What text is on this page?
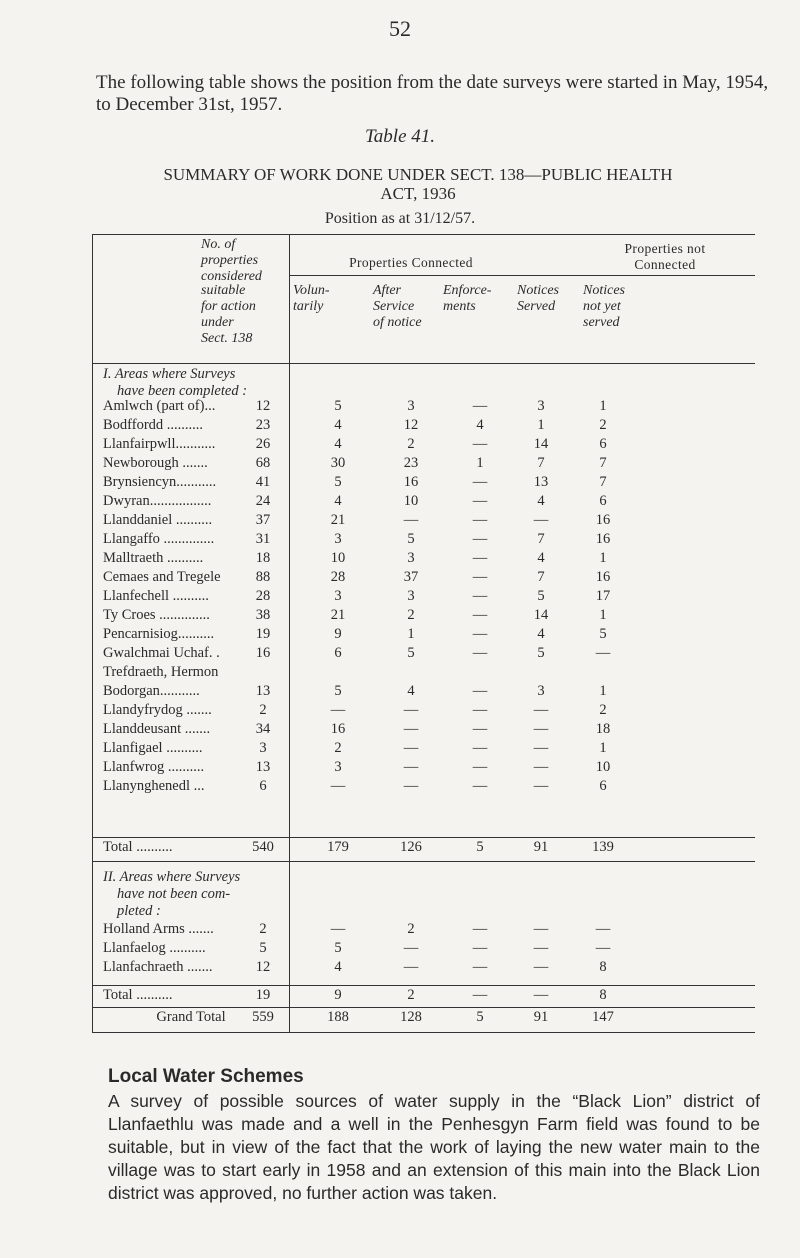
52
The following table shows the position from the date surveys were started in May, 1954, to December 31st, 1957.
Table 41.
SUMMARY OF WORK DONE UNDER SECT. 138—PUBLIC HEALTH
ACT, 1936
Position as at 31/12/57.
No. of
properties
considered
Properties Connected
Properties not
Connected
suitable
for action
under
Sect. 138
Volun-
tarily
After
Service
of notice
Enforce-
ments
Notices
Served
Notices
not yet
served
I. Areas where Surveys
have been completed :
II. Areas where Surveys
have not been com-
pleted :
Amlwch (part of)...	12	5	3	—	3	1
Bodffordd ..........	23	4	12	4	1	2
Llanfairpwll...........	26	4	2	—	14	6
Newborough .......	68	30	23	1	7	7
Brynsiencyn...........	41	5	16	—	13	7
Dwyran.................	24	4	10	—	4	6
Llanddaniel ..........	37	21	—	—	—	16
Llangaffo ..............	31	3	5	—	7	16
Malltraeth ..........	18	10	3	—	4	1
Cemaes and Tregele	88	28	37	—	7	16
Llanfechell ..........	28	3	3	—	5	17
Ty Croes ..............	38	21	2	—	14	1
Pencarnisiog..........	19	9	1	—	4	5
Gwalchmai Uchaf. .	16	6	5	—	5	—
Trefdraeth, Hermon
Bodorgan...........	13	5	4	—	3	1
Llandyfrydog .......	2	—	—	—	—	2
Llanddeusant .......	34	16	—	—	—	18
Llanfigael ..........	3	2	—	—	—	1
Llanfwrog ..........	13	3	—	—	—	10
Llanynghenedl ...	6	—	—	—	—	6
Total ..........	540	179	126	5	91	139
Holland Arms .......	2	—	2	—	—	—
Llanfaelog ..........	5	5	—	—	—	—
Llanfachraeth .......	12	4	—	—	—	8
Total ..........	19	9	2	—	—	8
Grand Total	559	188	128	5	91	147
Local Water Schemes
A survey of possible sources of water supply in the “Black Lion” district of Llanfaethlu was made and a well in the Penhesgyn Farm field was found to be suitable, but in view of the fact that the work of laying the new water main to the village was to start early in 1958 and an extension of this main into the Black Lion district was approved, no further action was taken.
